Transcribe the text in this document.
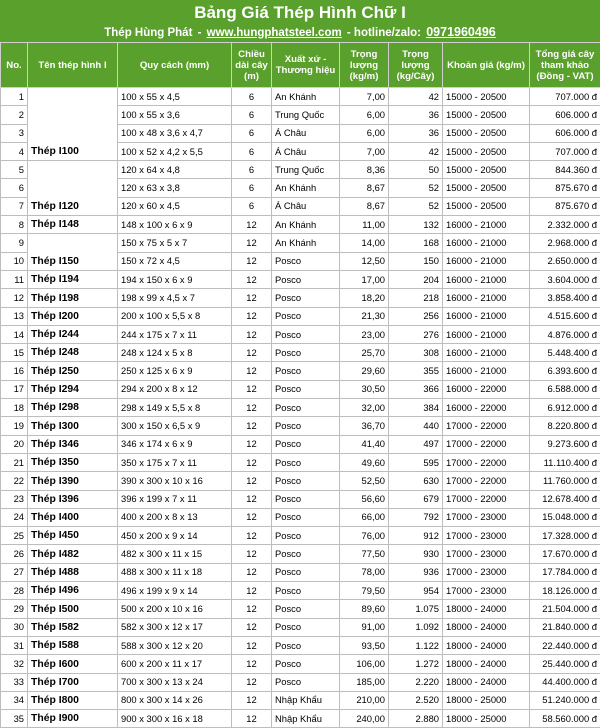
Bảng Giá Thép Hình Chữ I
Thép Hùng Phát - www.hungphatsteel.com - hotline/zalo: 0971960496
No.	Tên thép hình I	Quy cách (mm)	Chiều dài cây (m)	Xuất xứ - Thương hiệu	Trọng lượng (kg/m)	Trọng lượng (kg/Cây)	Khoản giá (kg/m)	Tổng giá cây tham khảo (Đồng - VAT)
1	Thép I100	100 x 55 x 4,5	6	An Khánh	7,00	42	15000 - 20500	707.000 đ
2		100 x 55 x 3,6	6	Trung Quốc	6,00	36	15000 - 20500	606.000 đ
3		100 x 48 x 3,6 x 4,7	6	Á Châu	6,00	36	15000 - 20500	606.000 đ
4		100 x 52 x 4,2 x 5,5	6	Á Châu	7,00	42	15000 - 20500	707.000 đ
5	Thép I120	120 x 64 x 4,8	6	Trung Quốc	8,36	50	15000 - 20500	844.360 đ
6		120 x 63 x 3,8	6	An Khánh	8,67	52	15000 - 20500	875.670 đ
7		120 x 60 x 4,5	6	Á Châu	8,67	52	15000 - 20500	875.670 đ
8	Thép I148	148 x 100 x 6 x 9	12	An Khánh	11,00	132	16000 - 21000	2.332.000 đ
9	Thép I150	150 x 75 x 5 x 7	12	An Khánh	14,00	168	16000 - 21000	2.968.000 đ
10		150 x 72 x 4,5	12	Posco	12,50	150	16000 - 21000	2.650.000 đ
11	Thép I194	194 x 150 x 6 x 9	12	Posco	17,00	204	16000 - 21000	3.604.000 đ
12	Thép I198	198 x 99 x 4,5 x 7	12	Posco	18,20	218	16000 - 21000	3.858.400 đ
13	Thép I200	200 x 100 x 5,5 x 8	12	Posco	21,30	256	16000 - 21000	4.515.600 đ
14	Thép I244	244 x 175 x 7 x 11	12	Posco	23,00	276	16000 - 21000	4.876.000 đ
15	Thép I248	248 x 124 x 5 x 8	12	Posco	25,70	308	16000 - 21000	5.448.400 đ
16	Thép I250	250 x 125 x 6 x 9	12	Posco	29,60	355	16000 - 21000	6.393.600 đ
17	Thép I294	294 x 200 x 8 x 12	12	Posco	30,50	366	16000 - 22000	6.588.000 đ
18	Thép I298	298 x 149 x 5,5 x 8	12	Posco	32,00	384	16000 - 22000	6.912.000 đ
19	Thép I300	300 x 150 x 6,5 x 9	12	Posco	36,70	440	17000 - 22000	8.220.800 đ
20	Thép I346	346 x 174 x 6 x 9	12	Posco	41,40	497	17000 - 22000	9.273.600 đ
21	Thép I350	350 x 175 x 7 x 11	12	Posco	49,60	595	17000 - 22000	11.110.400 đ
22	Thép I390	390 x 300 x 10 x 16	12	Posco	52,50	630	17000 - 22000	11.760.000 đ
23	Thép I396	396 x 199 x 7 x 11	12	Posco	56,60	679	17000 - 22000	12.678.400 đ
24	Thép I400	400 x 200 x 8 x 13	12	Posco	66,00	792	17000 - 23000	15.048.000 đ
25	Thép I450	450 x 200 x 9 x 14	12	Posco	76,00	912	17000 - 23000	17.328.000 đ
26	Thép I482	482 x 300 x 11 x 15	12	Posco	77,50	930	17000 - 23000	17.670.000 đ
27	Thép I488	488 x 300 x 11 x 18	12	Posco	78,00	936	17000 - 23000	17.784.000 đ
28	Thép I496	496 x 199 x 9 x 14	12	Posco	79,50	954	17000 - 23000	18.126.000 đ
29	Thép I500	500 x 200 x 10 x 16	12	Posco	89,60	1.075	18000 - 24000	21.504.000 đ
30	Thép I582	582 x 300 x 12 x 17	12	Posco	91,00	1.092	18000 - 24000	21.840.000 đ
31	Thép I588	588 x 300 x 12 x 20	12	Posco	93,50	1.122	18000 - 24000	22.440.000 đ
32	Thép I600	600 x 200 x 11 x 17	12	Posco	106,00	1.272	18000 - 24000	25.440.000 đ
33	Thép I700	700 x 300 x 13 x 24	12	Posco	185,00	2.220	18000 - 24000	44.400.000 đ
34	Thép I800	800 x 300 x 14 x 26	12	Nhập Khẩu	210,00	2.520	18000 - 25000	51.240.000 đ
35	Thép I900	900 x 300 x 16 x 18	12	Nhập Khẩu	240,00	2.880	18000 - 25000	58.560.000 đ
